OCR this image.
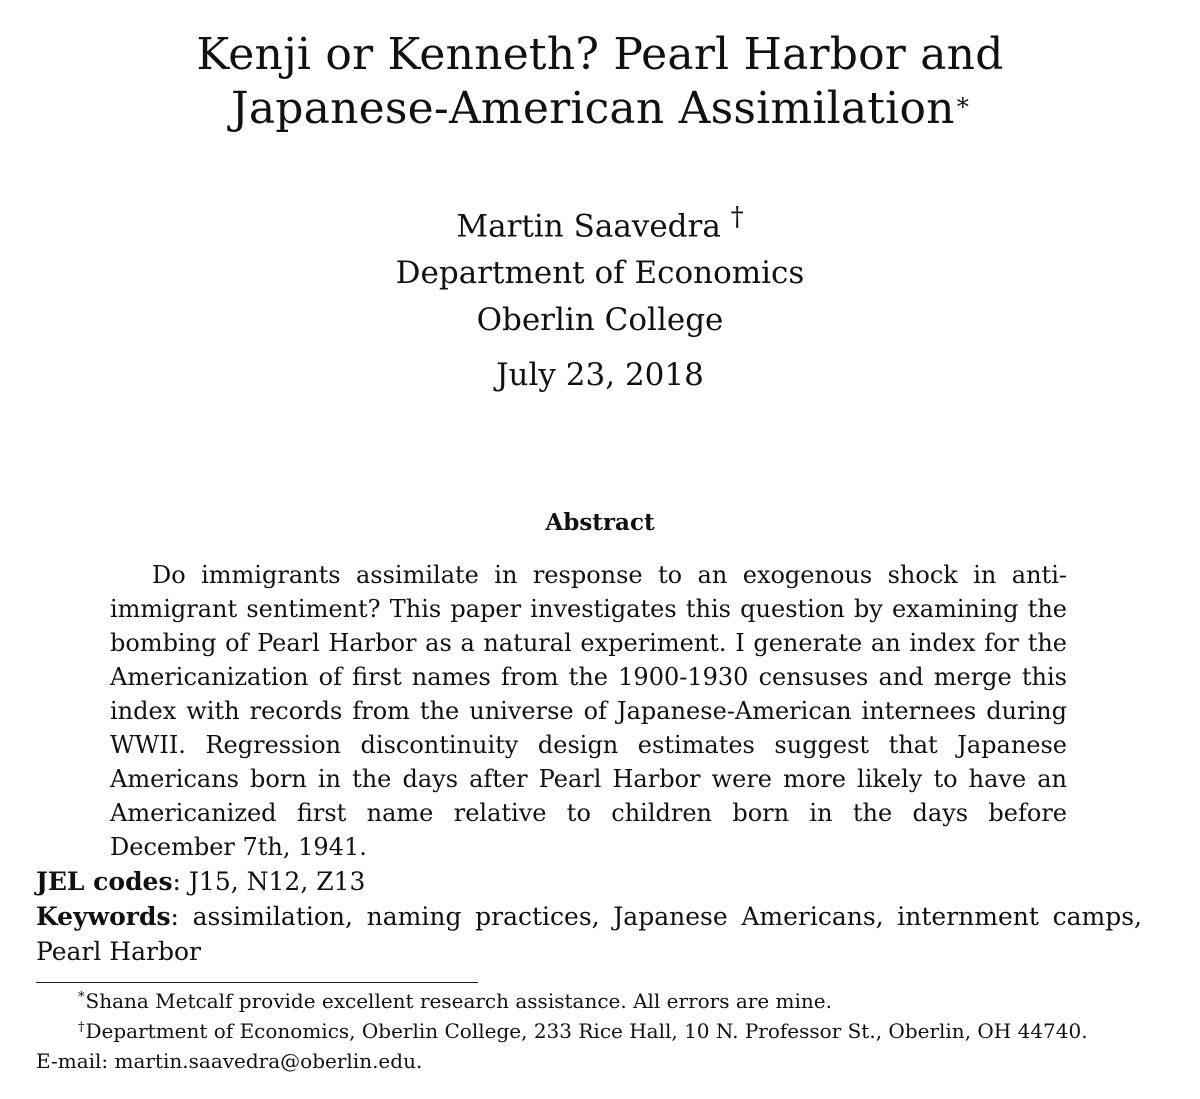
Kenji or Kenneth? Pearl Harbor and
Japanese-American Assimilation*
Martin Saavedra †
Department of Economics
Oberlin College
July 23, 2018
Abstract
Do immigrants assimilate in response to an exogenous shock in anti-immigrant sentiment? This paper investigates this question by examining the bombing of Pearl Harbor as a natural experiment. I generate an index for the Americanization of first names from the 1900-1930 censuses and merge this index with records from the universe of Japanese-American internees during WWII. Regression discontinuity design estimates suggest that Japanese Americans born in the days after Pearl Harbor were more likely to have an Americanized first name relative to children born in the days before December 7th, 1941.
JEL codes: J15, N12, Z13
Keywords: assimilation, naming practices, Japanese Americans, internment camps, Pearl Harbor
*Shana Metcalf provide excellent research assistance. All errors are mine.
†Department of Economics, Oberlin College, 233 Rice Hall, 10 N. Professor St., Oberlin, OH 44740.
E-mail: martin.saavedra@oberlin.edu.
